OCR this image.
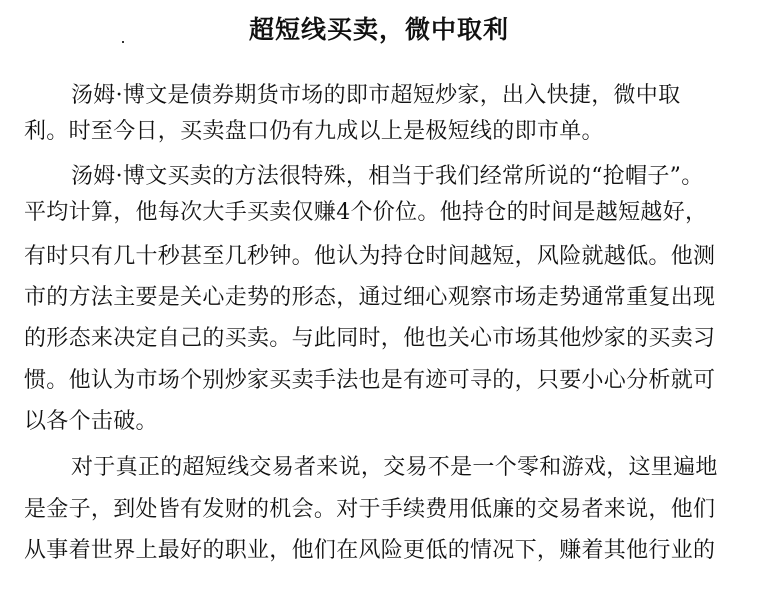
超短线买卖，微中取利
汤姆·博文是债券期货市场的即市超短炒家，出入快捷，微中取
利。时至今日，买卖盘口仍有九成以上是极短线的即市单。
汤姆·博文买卖的方法很特殊，相当于我们经常所说的“抢帽子”。
平均计算，他每次大手买卖仅赚4个价位。他持仓的时间是越短越好，
有时只有几十秒甚至几秒钟。他认为持仓时间越短，风险就越低。他测
市的方法主要是关心走势的形态，通过细心观察市场走势通常重复出现
的形态来决定自己的买卖。与此同时，他也关心市场其他炒家的买卖习
惯。他认为市场个别炒家买卖手法也是有迹可寻的，只要小心分析就可
以各个击破。
对于真正的超短线交易者来说，交易不是一个零和游戏，这里遍地
是金子，到处皆有发财的机会。对于手续费用低廉的交易者来说，他们
从事着世界上最好的职业，他们在风险更低的情况下，赚着其他行业的
